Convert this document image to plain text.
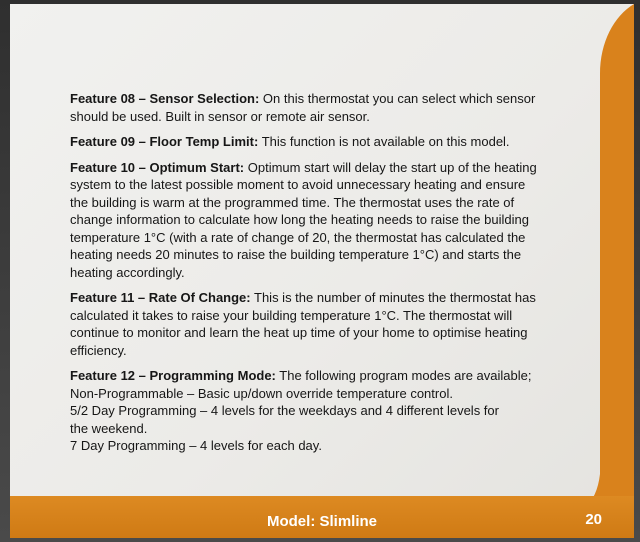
Feature 08 – Sensor Selection: On this thermostat you can select which sensor
should be used. Built in sensor or remote air sensor.
Feature 09 – Floor Temp Limit: This function is not available on this model.
Feature 10 – Optimum Start: Optimum start will delay the start up of the heating
system to the latest possible moment to avoid unnecessary heating and ensure
the building is warm at the programmed time. The thermostat uses the rate of
change information to calculate how long the heating needs to raise the building
temperature 1°C (with a rate of change of 20, the thermostat has calculated the
heating needs 20 minutes to raise the building temperature 1°C) and starts the
heating accordingly.
Feature 11 – Rate Of Change: This is the number of minutes the thermostat has
calculated it takes to raise your building temperature 1°C. The thermostat will
continue to monitor and learn the heat up time of your home to optimise heating
efficiency.
Feature 12 – Programming Mode: The following program modes are available;
Non-Programmable – Basic up/down override temperature control.
5/2 Day Programming – 4 levels for the weekdays and 4 different levels for
the weekend.
7 Day Programming – 4 levels for each day.
Model: Slimline	20
